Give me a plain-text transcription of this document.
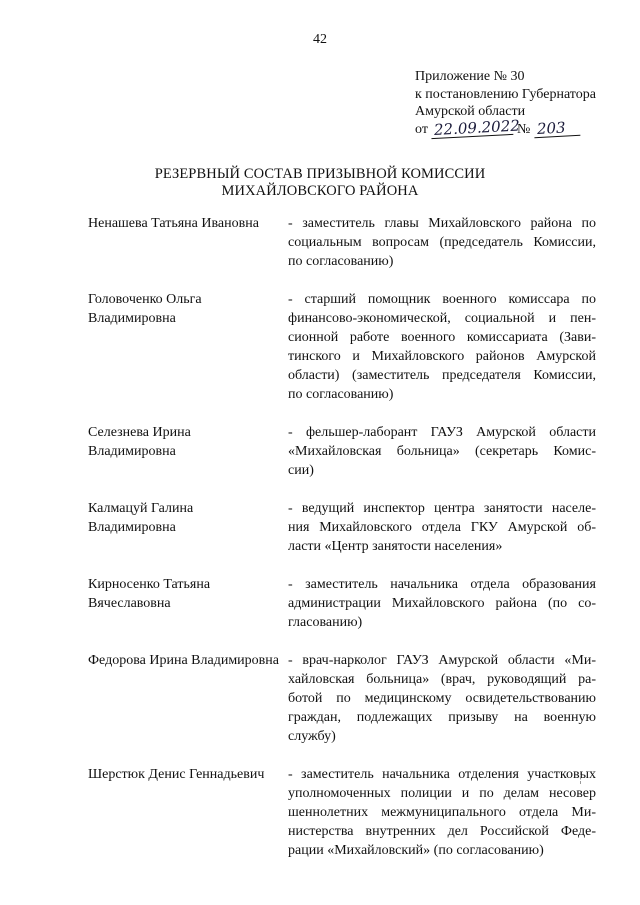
42
Приложение № 30
к постановлению Губернатора
Амурской области
от 22.09.2022 № 203
РЕЗЕРВНЫЙ СОСТАВ ПРИЗЫВНОЙ КОМИССИИ
МИХАЙЛОВСКОГО РАЙОНА
Ненашева Татьяна Ивановна	- заместитель главы Михайловского района по
социальным вопросам (председатель Комиссии,
по согласованию)
Головоченко Ольга
Владимировна
- старший помощник военного комиссара по
финансово-экономической, социальной и пен-
сионной работе военного комиссариата (Зави-
тинского и Михайловского районов Амурской
области) (заместитель председателя Комиссии,
по согласованию)
Селезнева Ирина
Владимировна
- фельшер-лаборант ГАУЗ Амурской области
«Михайловская больница» (секретарь Комис-
сии)
Калмацуй Галина
Владимировна
- ведущий инспектор центра занятости населе-
ния Михайловского отдела ГКУ Амурской об-
ласти «Центр занятости населения»
Кирносенко Татьяна
Вячеславовна
- заместитель начальника отдела образования
администрации Михайловского района (по со-
гласованию)
Федорова Ирина Владимировна - врач-нарколог ГАУЗ Амурской области «Ми-
хайловская больница» (врач, руководящий ра-
ботой по медицинскому освидетельствованию
граждан, подлежащих призыву на военную
службу)
Шерстюк Денис Геннадьевич	- заместитель начальника отделения участковых
уполномоченных полиции и по делам несовер
шеннолетних межмуниципального отдела Ми-
нистерства внутренних дел Российской Феде-
рации «Михайловский» (по согласованию)
